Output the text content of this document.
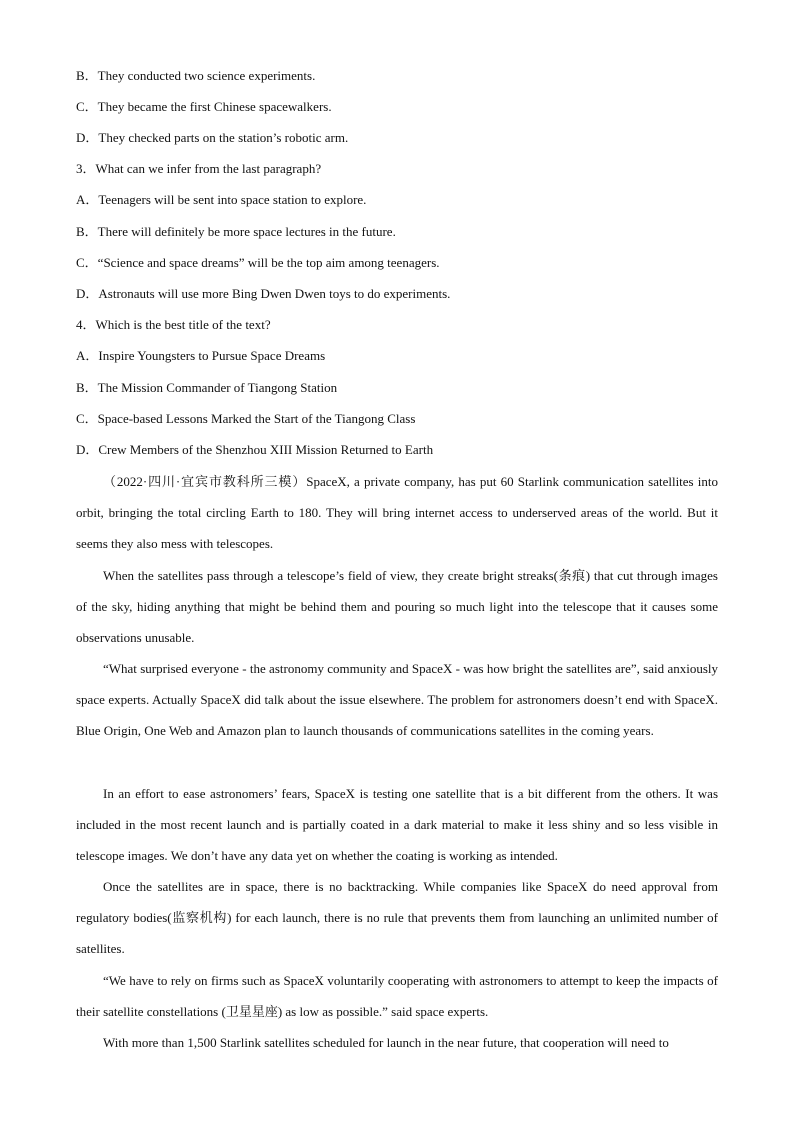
B．They conducted two science experiments.
C．They became the first Chinese spacewalkers.
D．They checked parts on the station’s robotic arm.
3．What can we infer from the last paragraph?
A．Teenagers will be sent into space station to explore.
B．There will definitely be more space lectures in the future.
C．“Science and space dreams” will be the top aim among teenagers.
D．Astronauts will use more Bing Dwen Dwen toys to do experiments.
4．Which is the best title of the text?
A．Inspire Youngsters to Pursue Space Dreams
B．The Mission Commander of Tiangong Station
C．Space-based Lessons Marked the Start of the Tiangong Class
D．Crew Members of the Shenzhou XIII Mission Returned to Earth
（2022·四川·宜宾市教科所三模）SpaceX, a private company, has put 60 Starlink communication satellites into orbit, bringing the total circling Earth to 180. They will bring internet access to underserved areas of the world. But it seems they also mess with telescopes.
When the satellites pass through a telescope’s field of view, they create bright streaks(条痕) that cut through images of the sky, hiding anything that might be behind them and pouring so much light into the telescope that it causes some observations unusable.
“What surprised everyone - the astronomy community and SpaceX - was how bright the satellites are”, said anxiously space experts. Actually SpaceX did talk about the issue elsewhere. The problem for astronomers doesn’t end with SpaceX. Blue Origin, One Web and Amazon plan to launch thousands of communications satellites in the coming years.
In an effort to ease astronomers’ fears, SpaceX is testing one satellite that is a bit different from the others. It was included in the most recent launch and is partially coated in a dark material to make it less shiny and so less visible in telescope images. We don’t have any data yet on whether the coating is working as intended.
Once the satellites are in space, there is no backtracking. While companies like SpaceX do need approval from regulatory bodies(监察机构) for each launch, there is no rule that prevents them from launching an unlimited number of satellites.
“We have to rely on firms such as SpaceX voluntarily cooperating with astronomers to attempt to keep the impacts of their satellite constellations (卫星星座) as low as possible.” said space experts.
With more than 1,500 Starlink satellites scheduled for launch in the near future, that cooperation will need to
